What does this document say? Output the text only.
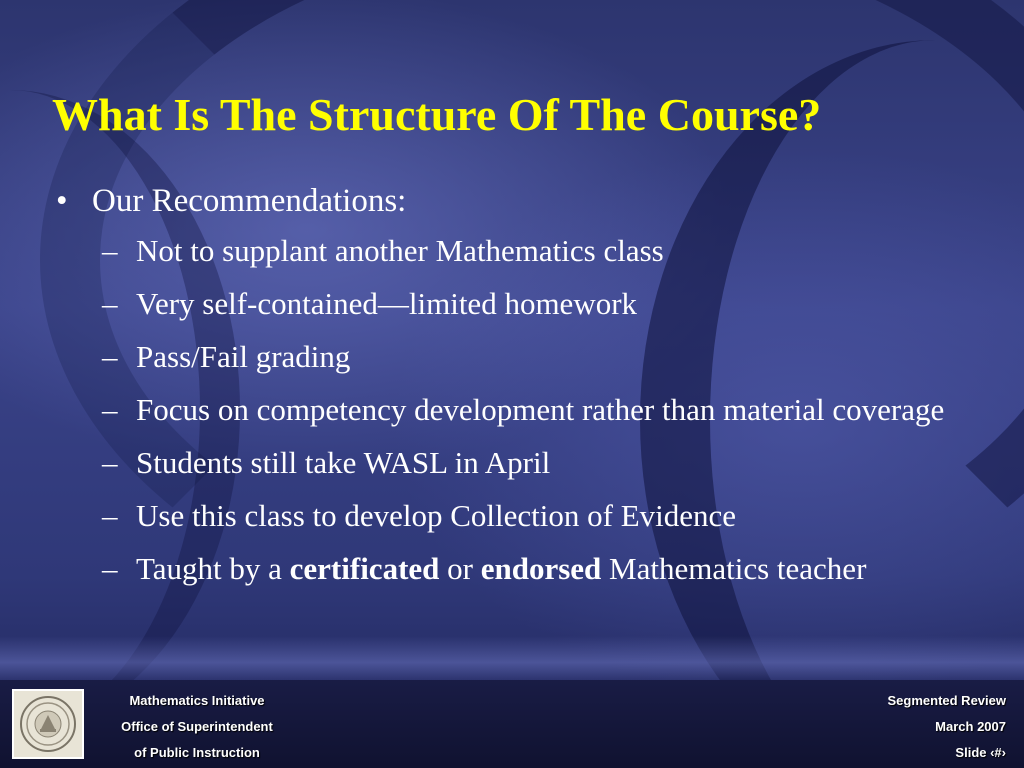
What Is The Structure Of The Course?
• Our Recommendations:
– Not to supplant another Mathematics class
– Very self-contained—limited homework
– Pass/Fail grading
– Focus on competency development rather than material coverage
– Students still take WASL in April
– Use this class to develop Collection of Evidence
– Taught by a certificated or endorsed Mathematics teacher
Mathematics Initiative
Office of Superintendent
of Public Instruction
Segmented Review
March 2007
Slide ‹#›
